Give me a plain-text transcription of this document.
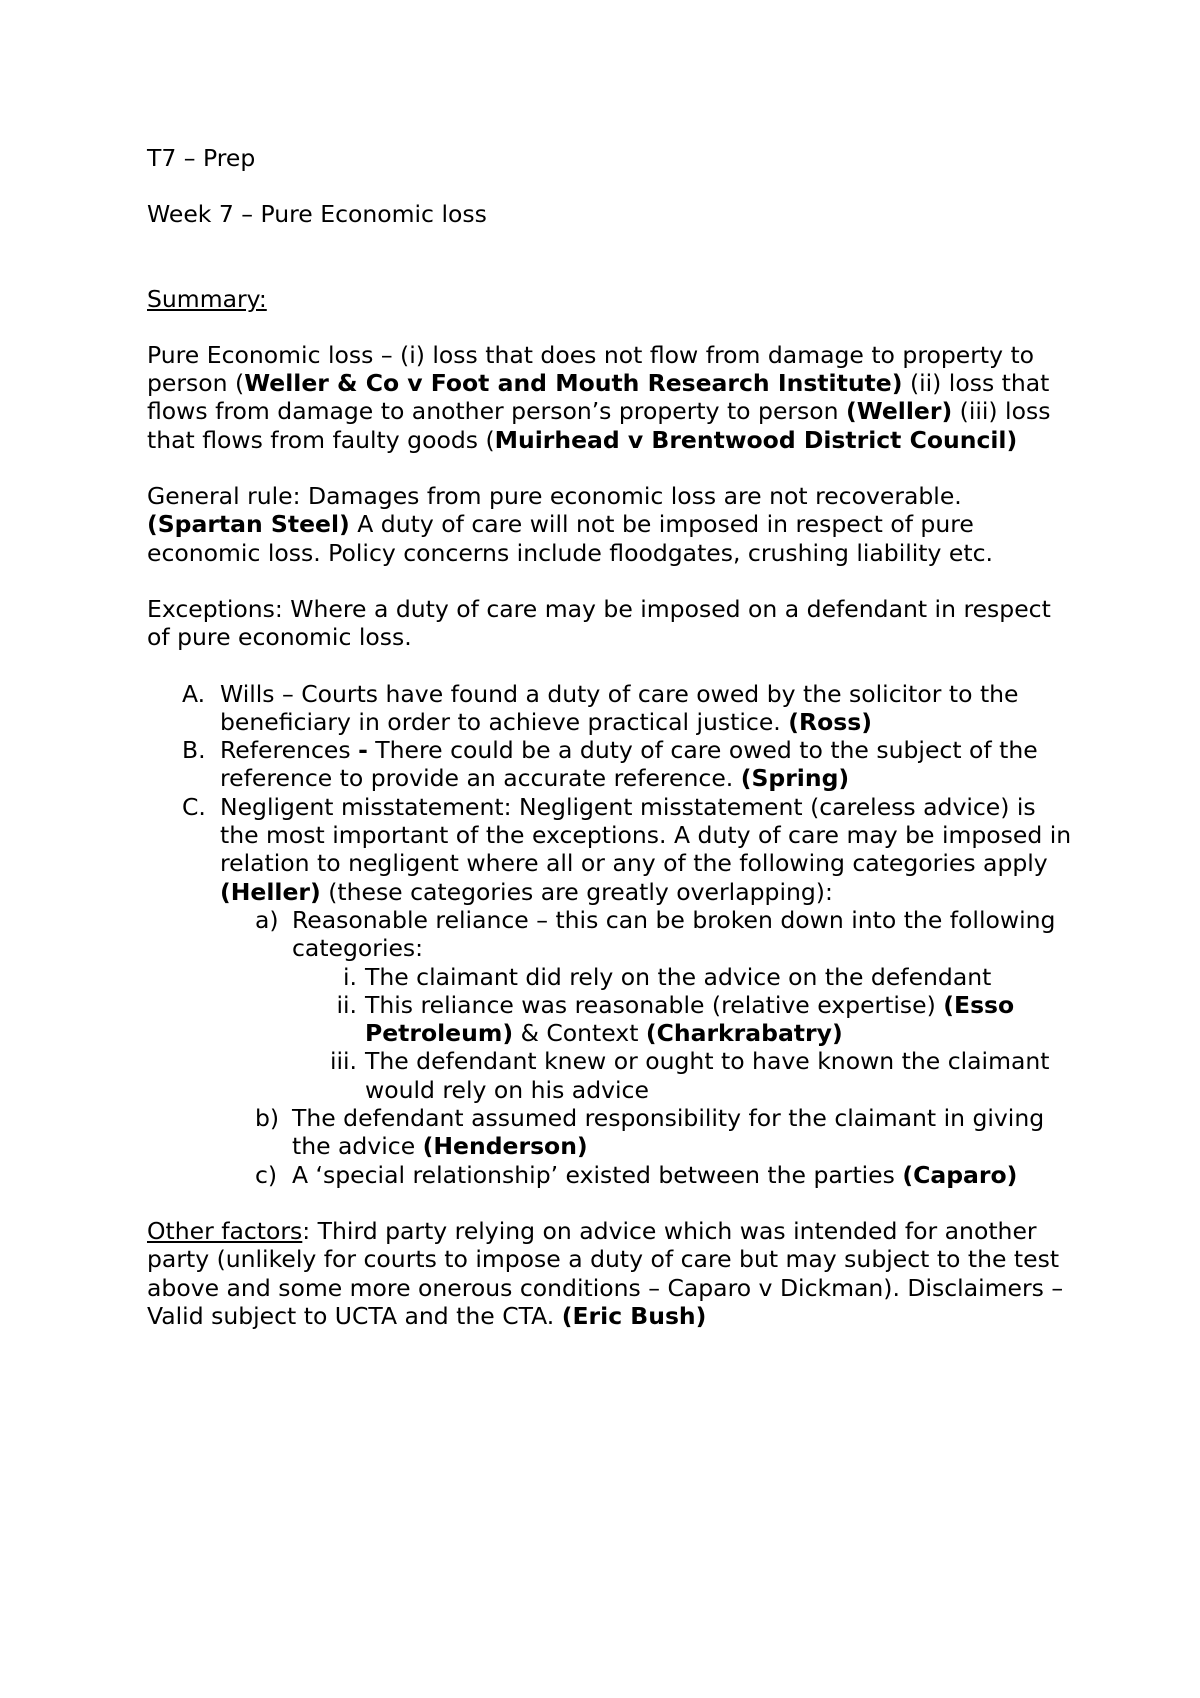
T7 – Prep

Week 7 – Pure Economic loss

Summary:

Pure Economic loss – (i) loss that does not flow from damage to property to person (Weller & Co v Foot and Mouth Research Institute) (ii) loss that flows from damage to another person’s property to person (Weller) (iii) loss that flows from faulty goods (Muirhead v Brentwood District Council)

General rule: Damages from pure economic loss are not recoverable. (Spartan Steel) A duty of care will not be imposed in respect of pure economic loss. Policy concerns include floodgates, crushing liability etc.

Exceptions: Where a duty of care may be imposed on a defendant in respect of pure economic loss.

A. Wills – Courts have found a duty of care owed by the solicitor to the beneficiary in order to achieve practical justice. (Ross)
B. References - There could be a duty of care owed to the subject of the reference to provide an accurate reference. (Spring)
C. Negligent misstatement: Negligent misstatement (careless advice) is the most important of the exceptions. A duty of care may be imposed in relation to negligent where all or any of the following categories apply (Heller) (these categories are greatly overlapping):
a) Reasonable reliance – this can be broken down into the following categories:
i. The claimant did rely on the advice on the defendant
ii. This reliance was reasonable (relative expertise) (Esso Petroleum) & Context (Charkrabatry)
iii. The defendant knew or ought to have known the claimant would rely on his advice
b) The defendant assumed responsibility for the claimant in giving the advice (Henderson)
c) A ‘special relationship’ existed between the parties (Caparo)

Other factors: Third party relying on advice which was intended for another party (unlikely for courts to impose a duty of care but may subject to the test above and some more onerous conditions – Caparo v Dickman). Disclaimers – Valid subject to UCTA and the CTA. (Eric Bush)
